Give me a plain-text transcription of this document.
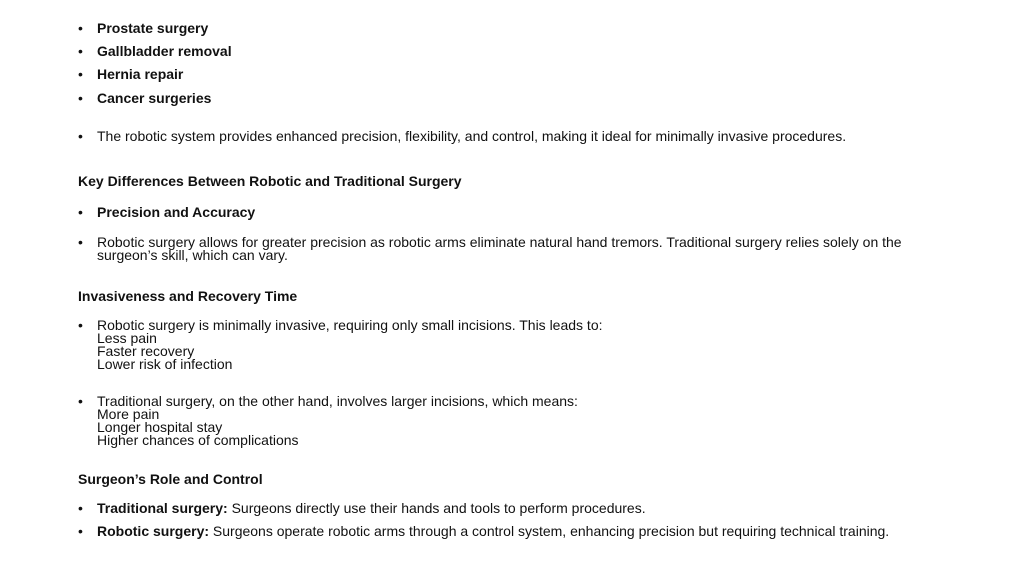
•	Prostate surgery
•	Gallbladder removal
•	Hernia repair
•	Cancer surgeries
•	The robotic system provides enhanced precision, flexibility, and control, making it ideal for minimally invasive procedures.
Key Differences Between Robotic and Traditional Surgery
•	Precision and Accuracy
•	Robotic surgery allows for greater precision as robotic arms eliminate natural hand tremors. Traditional surgery relies solely on the surgeon’s skill, which can vary.
Invasiveness and Recovery Time
• Robotic surgery is minimally invasive, requiring only small incisions. This leads to:
Less pain
Faster recovery
Lower risk of infection
• Traditional surgery, on the other hand, involves larger incisions, which means:
More pain
Longer hospital stay
Higher chances of complications
Surgeon’s Role and Control
•	Traditional surgery: Surgeons directly use their hands and tools to perform procedures.
•	Robotic surgery: Surgeons operate robotic arms through a control system, enhancing precision but requiring technical training.
